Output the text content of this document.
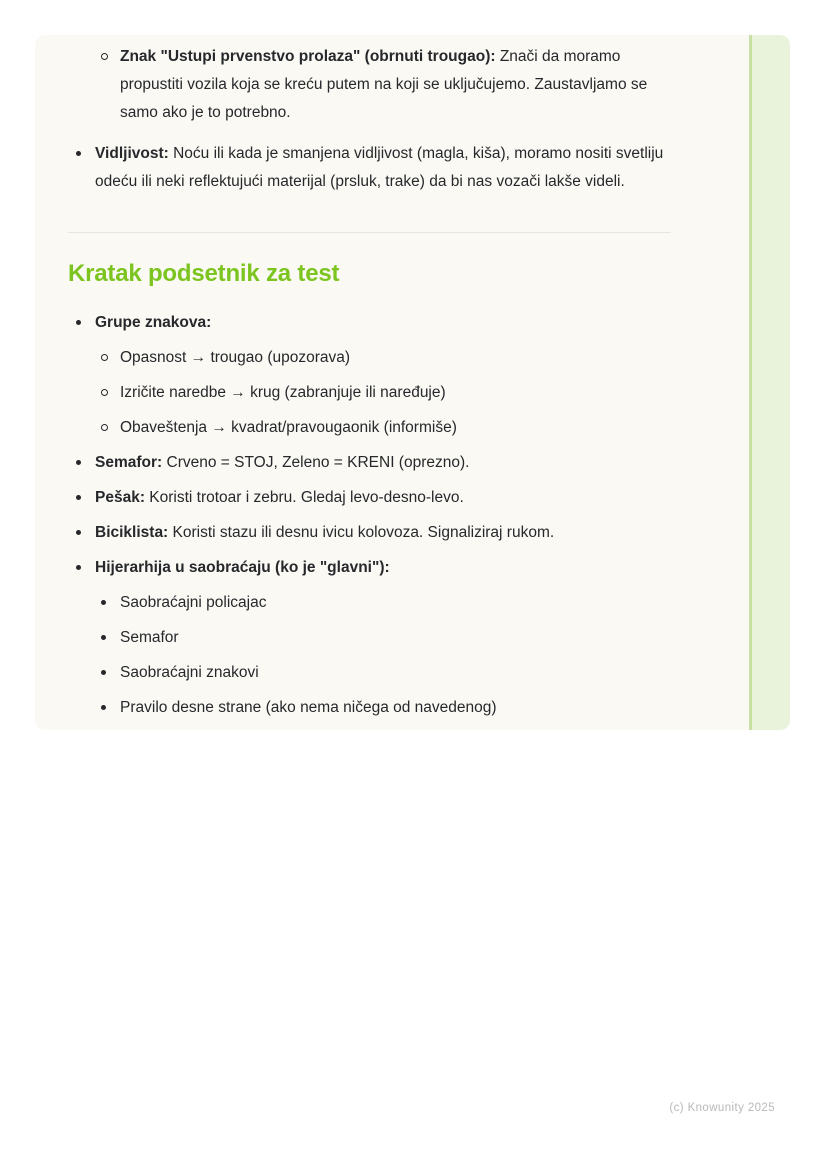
Znak "Ustupi prvenstvo prolaza" (obrnuti trougao): Znači da moramo propustiti vozila koja se kreću putem na koji se uključujemo. Zaustavljamo se samo ako je to potrebno.
Vidljivost: Noću ili kada je smanjena vidljivost (magla, kiša), moramo nositi svetliju odeću ili neki reflektujući materijal (prsluk, trake) da bi nas vozači lakše videli.
Kratak podsetnik za test
Grupe znakova:
Opasnost → trougao (upozorava)
Izričite naredbe → krug (zabranjuje ili naređuje)
Obaveštenja → kvadrat/pravougaonik (informiše)
Semafor: Crveno = STOJ, Zeleno = KRENI (oprezno).
Pešak: Koristi trotoar i zebru. Gledaj levo-desno-levo.
Biciklista: Koristi stazu ili desnu ivicu kolovoza. Signaliziraj rukom.
Hijerarhija u saobraćaju (ko je "glavni"):
Saobraćajni policajac
Semafor
Saobraćajni znakovi
Pravilo desne strane (ako nema ničega od navedenog)
(c) Knowunity 2025
